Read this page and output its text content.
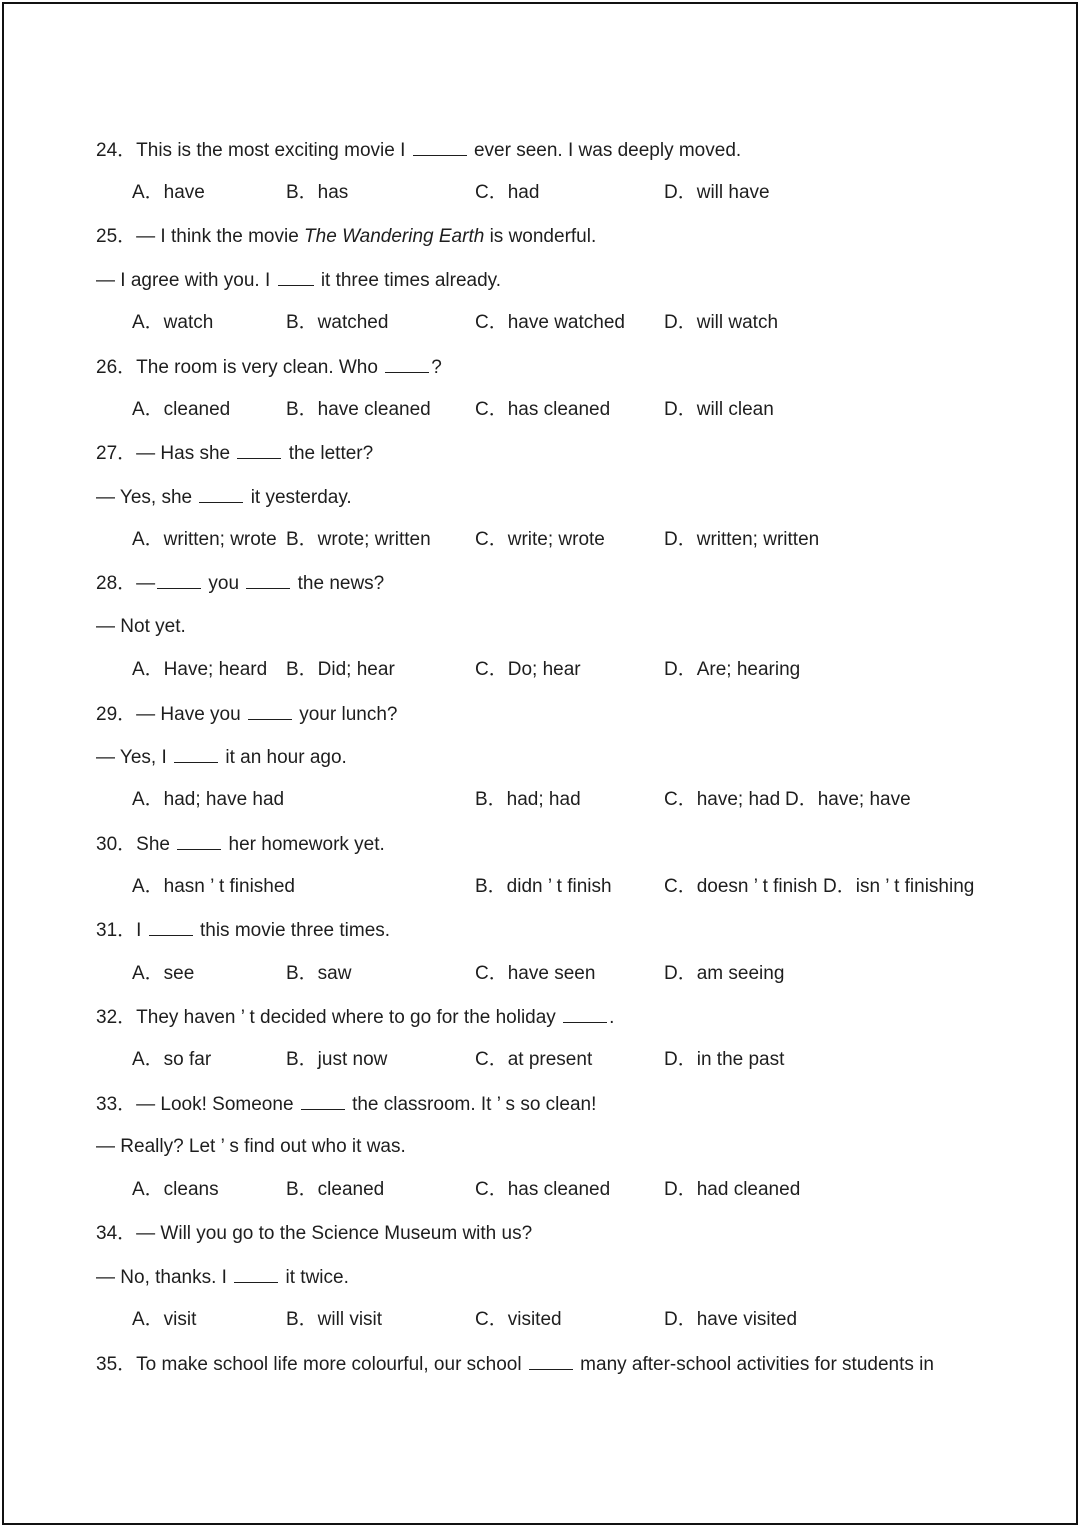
24．This is the most exciting movie I	ever seen. I was deeply moved.
A．have	B．has	C．had	D．will have
25．— I think the movie The Wandering Earth is wonderful.
— I agree with you. I	it three times already.
A．watch	B．watched	C．have watched D．will watch
26．The room is very clean. Who	?
A．cleaned	B．have cleaned C．has cleaned	D．will clean
27．— Has she	the letter?
— Yes, she	it yesterday.
A．written; wrote B．wrote; written C．write; wrote	D．written; written
28．—	you	the news?
— Not yet.
A．Have; heard B．Did; hear	C．Do; hear	D．Are; hearing
29．— Have you	your lunch?
— Yes, I	it an hour ago.
A．had; have had	B．had; had	C．have; had D．have; have
30．She	her homework yet.
A．hasn ’ t finished	B．didn ’ t finish	C．doesn ’ t finish D．isn ’ t finishing
31．I	this movie three times.
A．see	B．saw	C．have seen	D．am seeing
32．They haven ’ t decided where to go for the holiday	.
A．so far	B．just now	C．at present	D．in the past
33．— Look! Someone	the classroom. It ’ s so clean!
— Really? Let ’ s find out who it was.
A．cleans	B．cleaned	C．has cleaned	D．had cleaned
34．— Will you go to the Science Museum with us?
— No, thanks. I	it twice.
A．visit	B．will visit	C．visited	D．have visited
35．To make school life more colourful, our school	many after-school activities for students in
